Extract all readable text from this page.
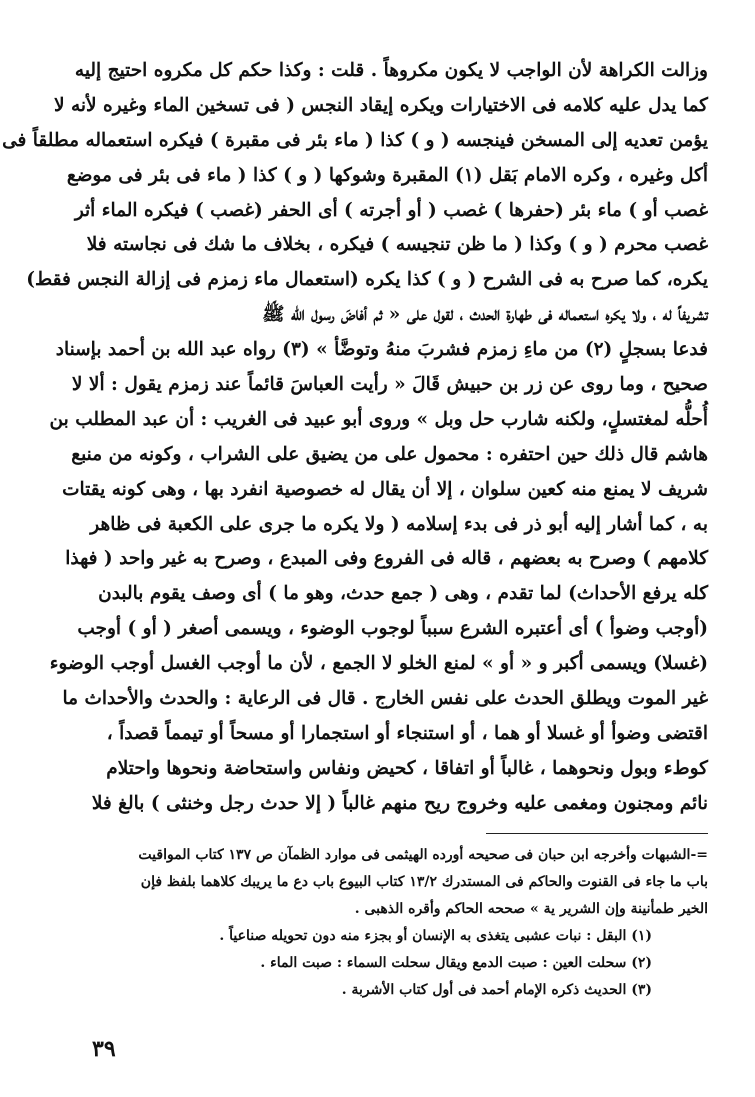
وزالت الكراهة لأن الواجب لا يكون مكروهاً . قلت : وكذا حكم كل مكروه احتيج إليه
كما يدل عليه كلامه فى الاختيارات ويكره إيقاد النجس ( فى تسخين الماء وغيره لأنه لا
يؤمن تعديه إلى المسخن فينجسه ( و ) كذا ( ماء بئر فى مقبرة ) فيكره استعماله مطلقاً فى
أكل وغيره ، وكره الامام بَقل (١) المقبرة وشوكها ( و ) كذا ( ماء فى بئر فى موضع
غصب أو ) ماء بئر (حفرها ) غصب ( أو أجرته ) أى الحفر (غصب ) فيكره الماء أثر
غصب محرم ( و ) وكذا ( ما ظن تنجيسه ) فيكره ، بخلاف ما شك فى نجاسته فلا
يكره، كما صرح به فى الشرح ( و ) كذا يكره (استعمال ماء زمزم فى إزالة النجس فقط)
تشريفاً له ، ولا يكره استعماله فى طهارة الحدث ، لقول على « ثم أفاضَ رسول الله ﷺ
فدعا بسجلٍ (٢) من ماءِ زمزم فشربَ منهُ وتوضَّأ » (٣) رواه عبد الله بن أحمد بإسناد
صحيح ، وما روى عن زر بن حبيش قَالَ « رأيت العباسَ قائماً عند زمزم يقول : ألا لا
أُحلُّه لمغتسلٍ، ولكنه شارب حل وبل » وروى أبو عبيد فى الغريب : أن عبد المطلب بن
هاشم قال ذلك حين احتفره : محمول على من يضيق على الشراب ، وكونه من منبع
شريف لا يمنع منه كعين سلوان ، إلا أن يقال له خصوصية انفرد بها ، وهى كونه يقتات
به ، كما أشار إليه أبو ذر فى بدء إسلامه ( ولا يكره ما جرى على الكعبة فى ظاهر
كلامهم ) وصرح به بعضهم ، قاله فى الفروع وفى المبدع ، وصرح به غير واحد ( فهذا
كله يرفع الأحداث) لما تقدم ، وهى ( جمع حدث، وهو ما ) أى وصف يقوم بالبدن
(أوجب وضوأ ) أى أعتبره الشرع سبباً لوجوب الوضوء ، ويسمى أصغر ( أو ) أوجب
(غسلا) ويسمى أكبر و « أو » لمنع الخلو لا الجمع ، لأن ما أوجب الغسل أوجب الوضوء
غير الموت ويطلق الحدث على نفس الخارج . قال فى الرعاية : والحدث والأحداث ما
اقتضى وضوأ أو غسلا أو هما ، أو استنجاء أو استجمارا أو مسحاً أو تيمماً قصداً ،
كوطء وبول ونحوهما ، غالباً أو اتفاقا ، كحيض ونفاس واستحاضة ونحوها واحتلام
نائم ومجنون ومغمى عليه وخروج ريح منهم غالباً ( إلا حدث رجل وخنثى ) بالغ فلا
=-الشبهات وأخرجه ابن حبان فى صحيحه أورده الهيثمى فى موارد الظمآن ص ١٣٧ كتاب المواقيت
باب ما جاء فى القنوت والحاكم فى المستدرك ١٣/٢ كتاب البيوع باب دع ما يريبك كلاهما بلفظ فإن
الخير طمأنينة وإن الشرير ية » صححه الحاكم وأقره الذهبى .
(١) البقل : نبات عشبى يتغذى به الإنسان أو بجزء منه دون تحويله صناعياً .
(٢) سحلت العين : صبت الدمع ويقال سحلت السماء : صبت الماء .
(٣) الحديث ذكره الإمام أحمد فى أول كتاب الأشربة .
٣٩
